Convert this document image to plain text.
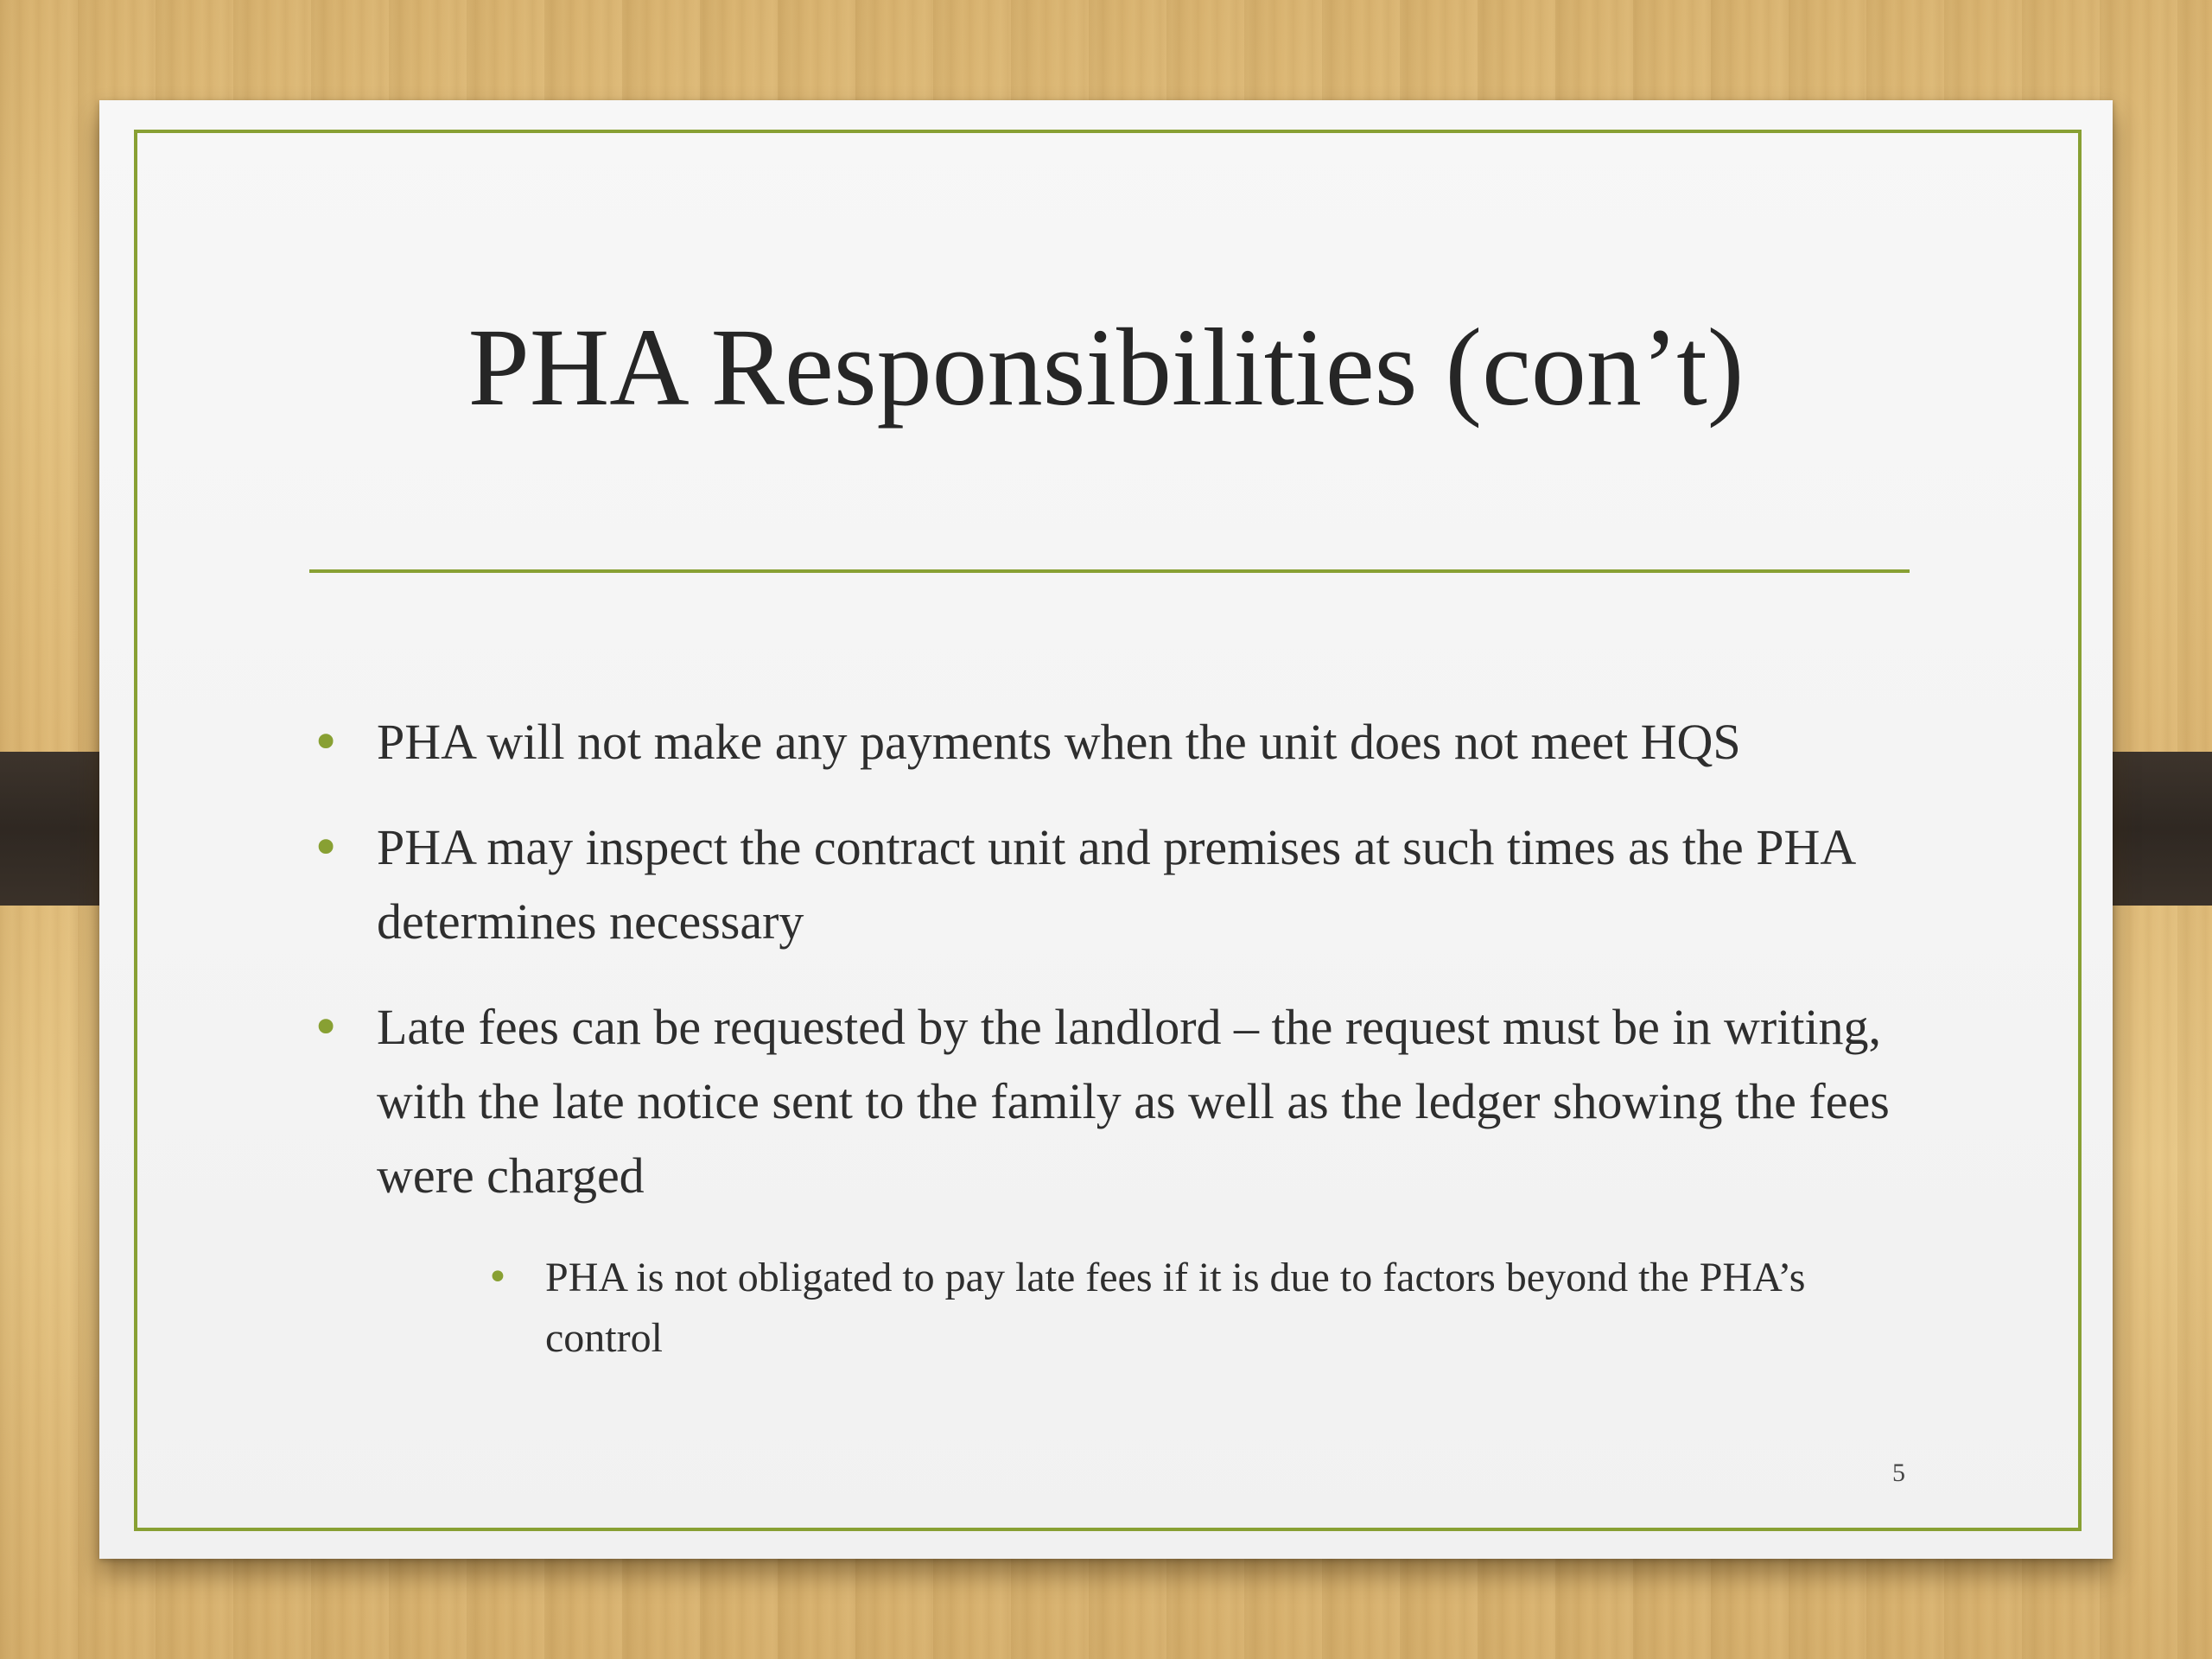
PHA Responsibilities (con’t)
• PHA will not make any payments when the unit does not meet HQS
• PHA may inspect the contract unit and premises at such times as the PHA determines necessary
• Late fees can be requested by the landlord – the request must be in writing, with the late notice sent to the family as well as the ledger showing the fees were charged
• PHA is not obligated to pay late fees if it is due to factors beyond the PHA’s control
5
